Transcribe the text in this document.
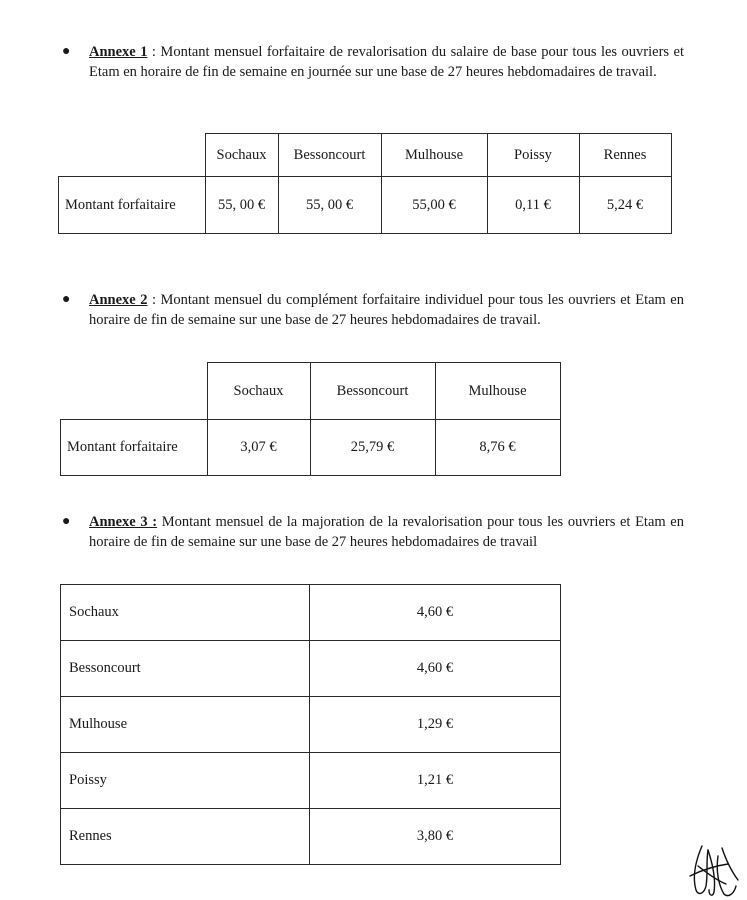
● Annexe 1 : Montant mensuel forfaitaire de revalorisation du salaire de base pour tous les ouvriers et Etam en horaire de fin de semaine en journée sur une base de 27 heures hebdomadaires de travail.
	Sochaux	Bessoncourt	Mulhouse	Poissy	Rennes
Montant forfaitaire	55, 00 €	55, 00 €	55,00 €	0,11 €	5,24 €
● Annexe 2 : Montant mensuel du complément forfaitaire individuel pour tous les ouvriers et Etam en horaire de fin de semaine sur une base de 27 heures hebdomadaires de travail.
	Sochaux	Bessoncourt	Mulhouse
Montant forfaitaire	3,07 €	25,79 €	8,76 €
● Annexe 3 : Montant mensuel de la majoration de la revalorisation pour tous les ouvriers et Etam en horaire de fin de semaine sur une base de 27 heures hebdomadaires de travail
Sochaux	4,60 €
Bessoncourt	4,60 €
Mulhouse	1,29 €
Poissy	1,21 €
Rennes	3,80 €
